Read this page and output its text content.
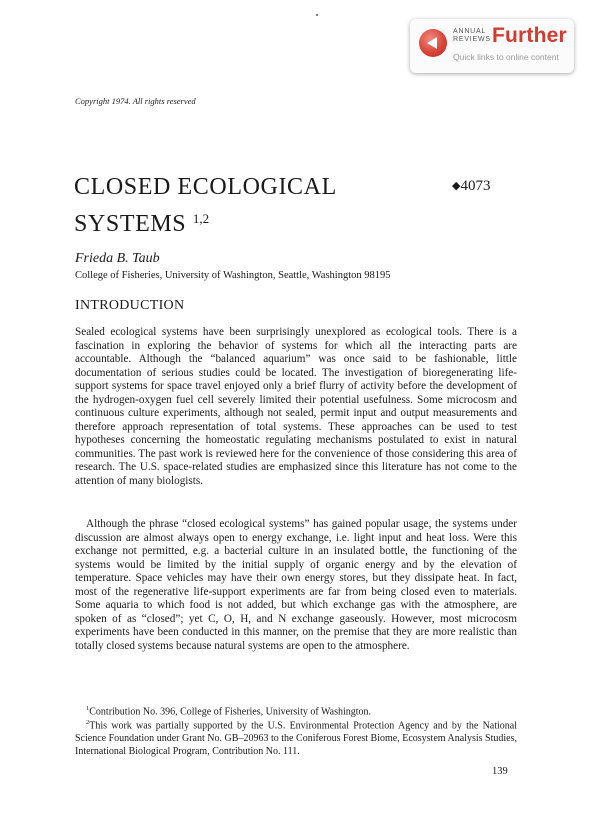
ANNUAL
REVIEWS Further
Quick links to online content
Copyright 1974. All rights reserved
CLOSED ECOLOGICAL
SYSTEMS $^{1,2}$
◆4073
Frieda B. Taub
College of Fisheries, University of Washington, Seattle, Washington 98195
INTRODUCTION

Sealed ecological systems have been surprisingly unexplored as ecological tools. There is a fascination in exploring the behavior of systems for which all the interacting parts are accountable. Although the “balanced aquarium” was once said to be fashionable, little documentation of serious studies could be located. The investigation of bioregenerating life-support systems for space travel enjoyed only a brief flurry of activity before the development of the hydrogen-oxygen fuel cell severely limited their potential usefulness. Some microcosm and continuous culture experiments, although not sealed, permit input and output measurements and therefore approach representation of total systems. These approaches can be used to test hypotheses concerning the homeostatic regulating mechanisms postulated to exist in natural communities. The past work is reviewed here for the convenience of those considering this area of research. The U.S. space-related studies are emphasized since this literature has not come to the attention of many biologists.

Although the phrase “closed ecological systems” has gained popular usage, the systems under discussion are almost always open to energy exchange, i.e. light input and heat loss. Were this exchange not permitted, e.g. a bacterial culture in an insulated bottle, the functioning of the systems would be limited by the initial supply of organic energy and by the elevation of temperature. Space vehicles may have their own energy stores, but they dissipate heat. In fact, most of the regenerative life-support experiments are far from being closed even to materials. Some aquaria to which food is not added, but which exchange gas with the atmosphere, are spoken of as “closed”; yet C, O, H, and N exchange gaseously. However, most microcosm experiments have been conducted in this manner, on the premise that they are more realistic than totally closed systems because natural systems are open to the atmosphere.

$^1$Contribution No. 396, College of Fisheries, University of Washington.

$^2$This work was partially supported by the U.S. Environmental Protection Agency and by the National Science Foundation under Grant No. GB–20963 to the Coniferous Forest Biome, Ecosystem Analysis Studies, International Biological Program, Contribution No. 111.

139
